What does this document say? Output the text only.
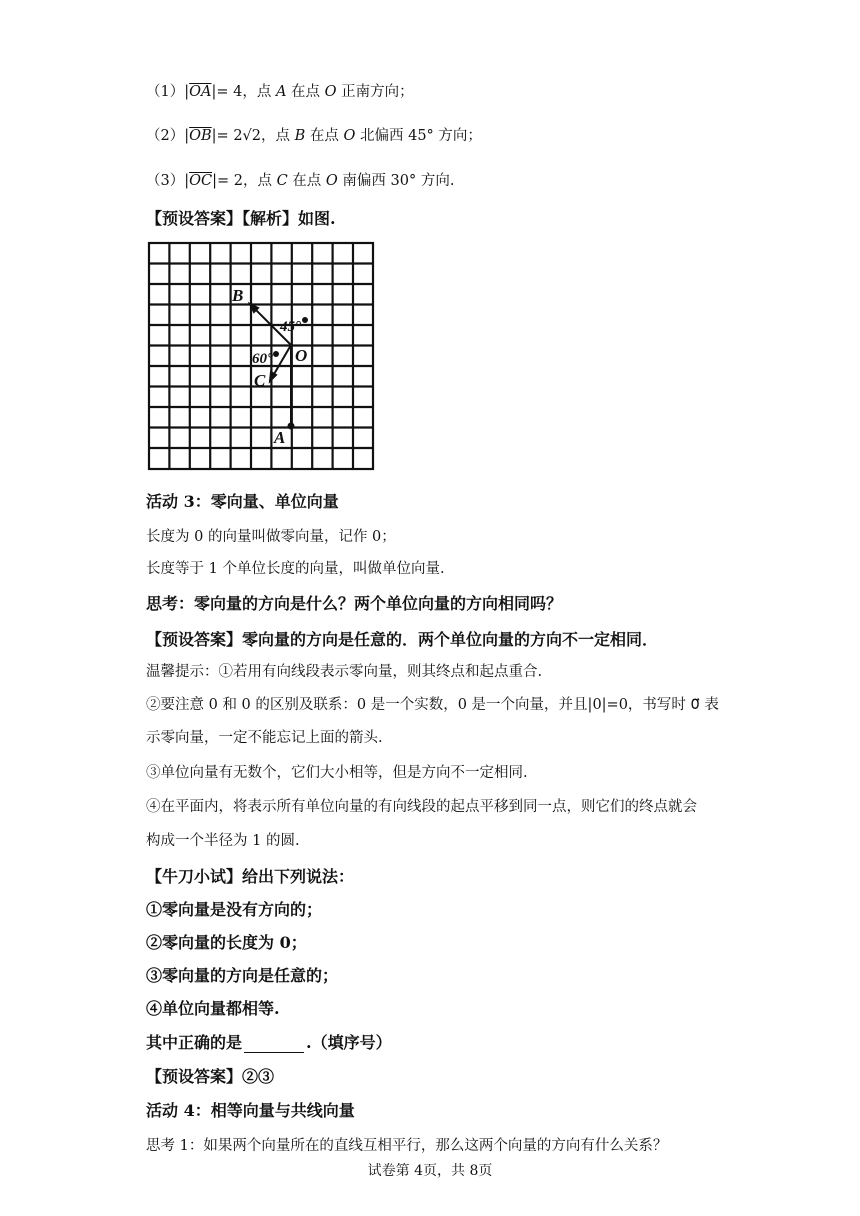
$(1)|\overline{OA}|= 4$，点 A 在点 O 正南方向；
$(2)|\overline{OB}|= 2√2$，点 B 在点 O 北偏西 45° 方向；
$(3)|\overline{OC}|= 2$，点 C 在点 O 南偏西 30° 方向.
【预设答案】【解析】如图.
B
O
C
A
45°
60°
活动 3：零向量、单位向量
长度为 0 的向量叫做零向量，记作 0；
长度等于 1 个单位长度的向量，叫做单位向量.
思考：零向量的方向是什么？两个单位向量的方向相同吗？
【预设答案】零向量的方向是任意的．两个单位向量的方向不一定相同．
温馨提示：①若用有向线段表示零向量，则其终点和起点重合.
②要注意 0 和 0 的区别及联系：0 是一个实数，0 是一个向量，并且|0|=0，书写时 0⃗ 表
示零向量，一定不能忘记上面的箭头.
③单位向量有无数个，它们大小相等，但是方向不一定相同.
④在平面内，将表示所有单位向量的有向线段的起点平移到同一点，则它们的终点就会
构成一个半径为 1 的圆.
【牛刀小试】给出下列说法：
①零向量是没有方向的；
②零向量的长度为 0；
③零向量的方向是任意的；
④单位向量都相等.
其中正确的是	.（填序号）
【预设答案】②③
活动 4：相等向量与共线向量
思考 1：如果两个向量所在的直线互相平行，那么这两个向量的方向有什么关系？
试卷第 4页，共 8页
